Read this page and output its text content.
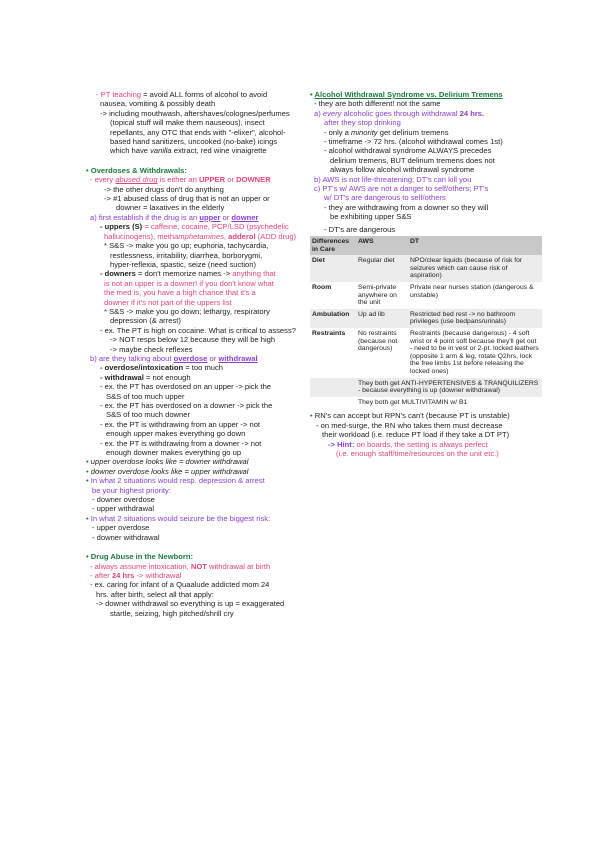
- PT teaching = avoid ALL forms of alcohol to avoid
nausea, vomiting & possibly death
-> including mouthwash, aftershaves/colognes/perfumes
(topical stuff will make them nauseous), insect
repellants, any OTC that ends with "-elixer", alcohol-
based hand sanitizers, uncooked (no-bake) icings
which have vanilla extract, red wine vinaigrette
• Overdoses & Withdrawals:
- every abused drug is either an UPPER or DOWNER
-> the other drugs don't do anything
-> #1 abused class of drug that is not an upper or
downer = laxatives in the elderly
a) first establish if the drug is an upper or downer
- uppers (S) = caffeine, cocaine, PCP/LSD (psychedelic
hallucinogens), methamphetamines, adderol (ADD drug)
* S&S -> make you go up; euphoria, tachycardia,
restlessness, irritability, diarrhea, borborygmi,
hyper-reflexia, spastic, seize (need suction)
- downers = don't memorize names -> anything that
is not an upper is a downer! if you don't know what
the med is, you have a high chance that it's a
downer if it's not part of the uppers list
* S&S -> make you go down; lethargy, respiratory
depression (& arrest)
- ex. The PT is high on cocaine. What is critical to assess?
-> NOT resps below 12 because they will be high
-> maybe check reflexes
b) are they talking about overdose or withdrawal
- overdose/intoxication = too much
- withdrawal = not enough
- ex. the PT has overdosed on an upper -> pick the
S&S of too much upper
- ex. the PT has overdosed on a downer -> pick the
S&S of too much downer
- ex. the PT is withdrawing from an upper -> not
enough upper makes everything go down
- ex. the PT is withdrawing from a downer -> not
enough downer makes everything go up
• upper overdose looks like = downer withdrawal
• downer overdose looks like = upper withdrawal
• In what 2 situations would resp. depression & arrest
be your highest priority:
- downer overdose
- upper withdrawal
• In what 2 situations would seizure be the biggest risk:
- upper overdose
- downer withdrawal
• Drug Abuse in the Newborn:
- always assume intoxication, NOT withdrawal at birth
- after 24 hrs -> withdrawal
- ex. caring for infant of a Quaalude addicted mom 24
hrs. after birth, select all that apply:
-> downer withdrawal so everything is up = exaggerated
startle, seizing, high pitched/shrill cry
• Alcohol Withdrawal Syndrome vs. Delirium Tremens
- they are both different! not the same
a) every alcoholic goes through withdrawal 24 hrs.
after they stop drinking
- only a minority get delirium tremens
- timeframe -> 72 hrs. (alcohol withdrawal comes 1st)
- alcohol withdrawal syndrome ALWAYS precedes
delirium tremens, BUT delirium tremens does not
always follow alcohol withdrawal syndrome
b) AWS is not life-threatening; DT's can kill you
c) PT's w/ AWS are not a danger to self/others; PT's
w/ DT's are dangerous to self/others
- they are withdrawing from a downer so they will
be exhibiting upper S&S
- DT's are dangerous
Differences in Care	AWS	DT
Diet	Regular diet	NPO/clear liquids (because of risk for seizures which can cause risk of aspiration)
Room	Semi-private anywhere on the unit	Private near nurses station (dangerous & unstable)
Ambulation	Up ad lib	Restricted bed rest -> no bathroom privileges (use bedpans/urinals)
Restraints	No restraints (because not dangerous)	Restraints (because dangerous) - 4 soft wrist or 4 point soft because they'll get out - need to be in vest or 2-pt. locked leathers (opposite 1 arm & leg, rotate Q2hrs, lock the free limbs 1st before releasing the locked ones)

	They both get ANTI-HYPERTENSIVES & TRANQUILIZERS
- because everything is up (downer withdrawal)	

	They both get MULTIVITAMIN w/ B1	
• RN's can accept but RPN's can't (because PT is unstable)
- on med-surge, the RN who takes them must decrease
their workload (i.e. reduce PT load if they take a DT PT)
-> Hint: on boards, the setting is always perfect
(i.e. enough staff/time/resources on the unit etc.)
